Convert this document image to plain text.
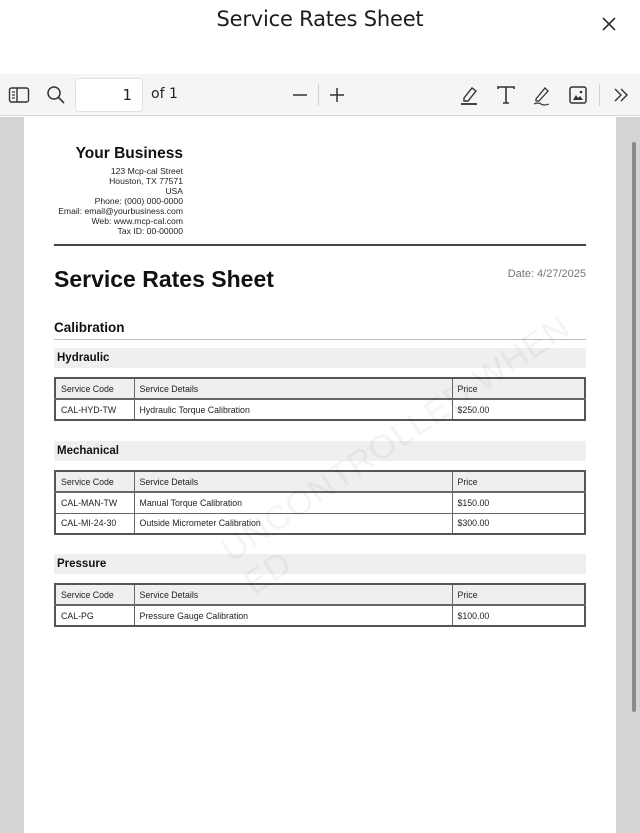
Service Rates Sheet
1	of 1
Your Business
123 Mcp-cal Street
Houston, TX 77571
USA
Phone: (000) 000-0000
Email: email@yourbusiness.com
Web: www.mcp-cal.com
Tax ID: 00-00000
Service Rates Sheet	Date: 4/27/2025
Calibration
Hydraulic
Service Code	Service Details	Price
CAL-HYD-TW	Hydraulic Torque Calibration	$250.00
Mechanical
Service Code	Service Details	Price
CAL-MAN-TW	Manual Torque Calibration	$150.00
CAL-MI-24-30	Outside Micrometer Calibration	$300.00
Pressure
Service Code	Service Details	Price
CAL-PG	Pressure Gauge Calibration	$100.00
